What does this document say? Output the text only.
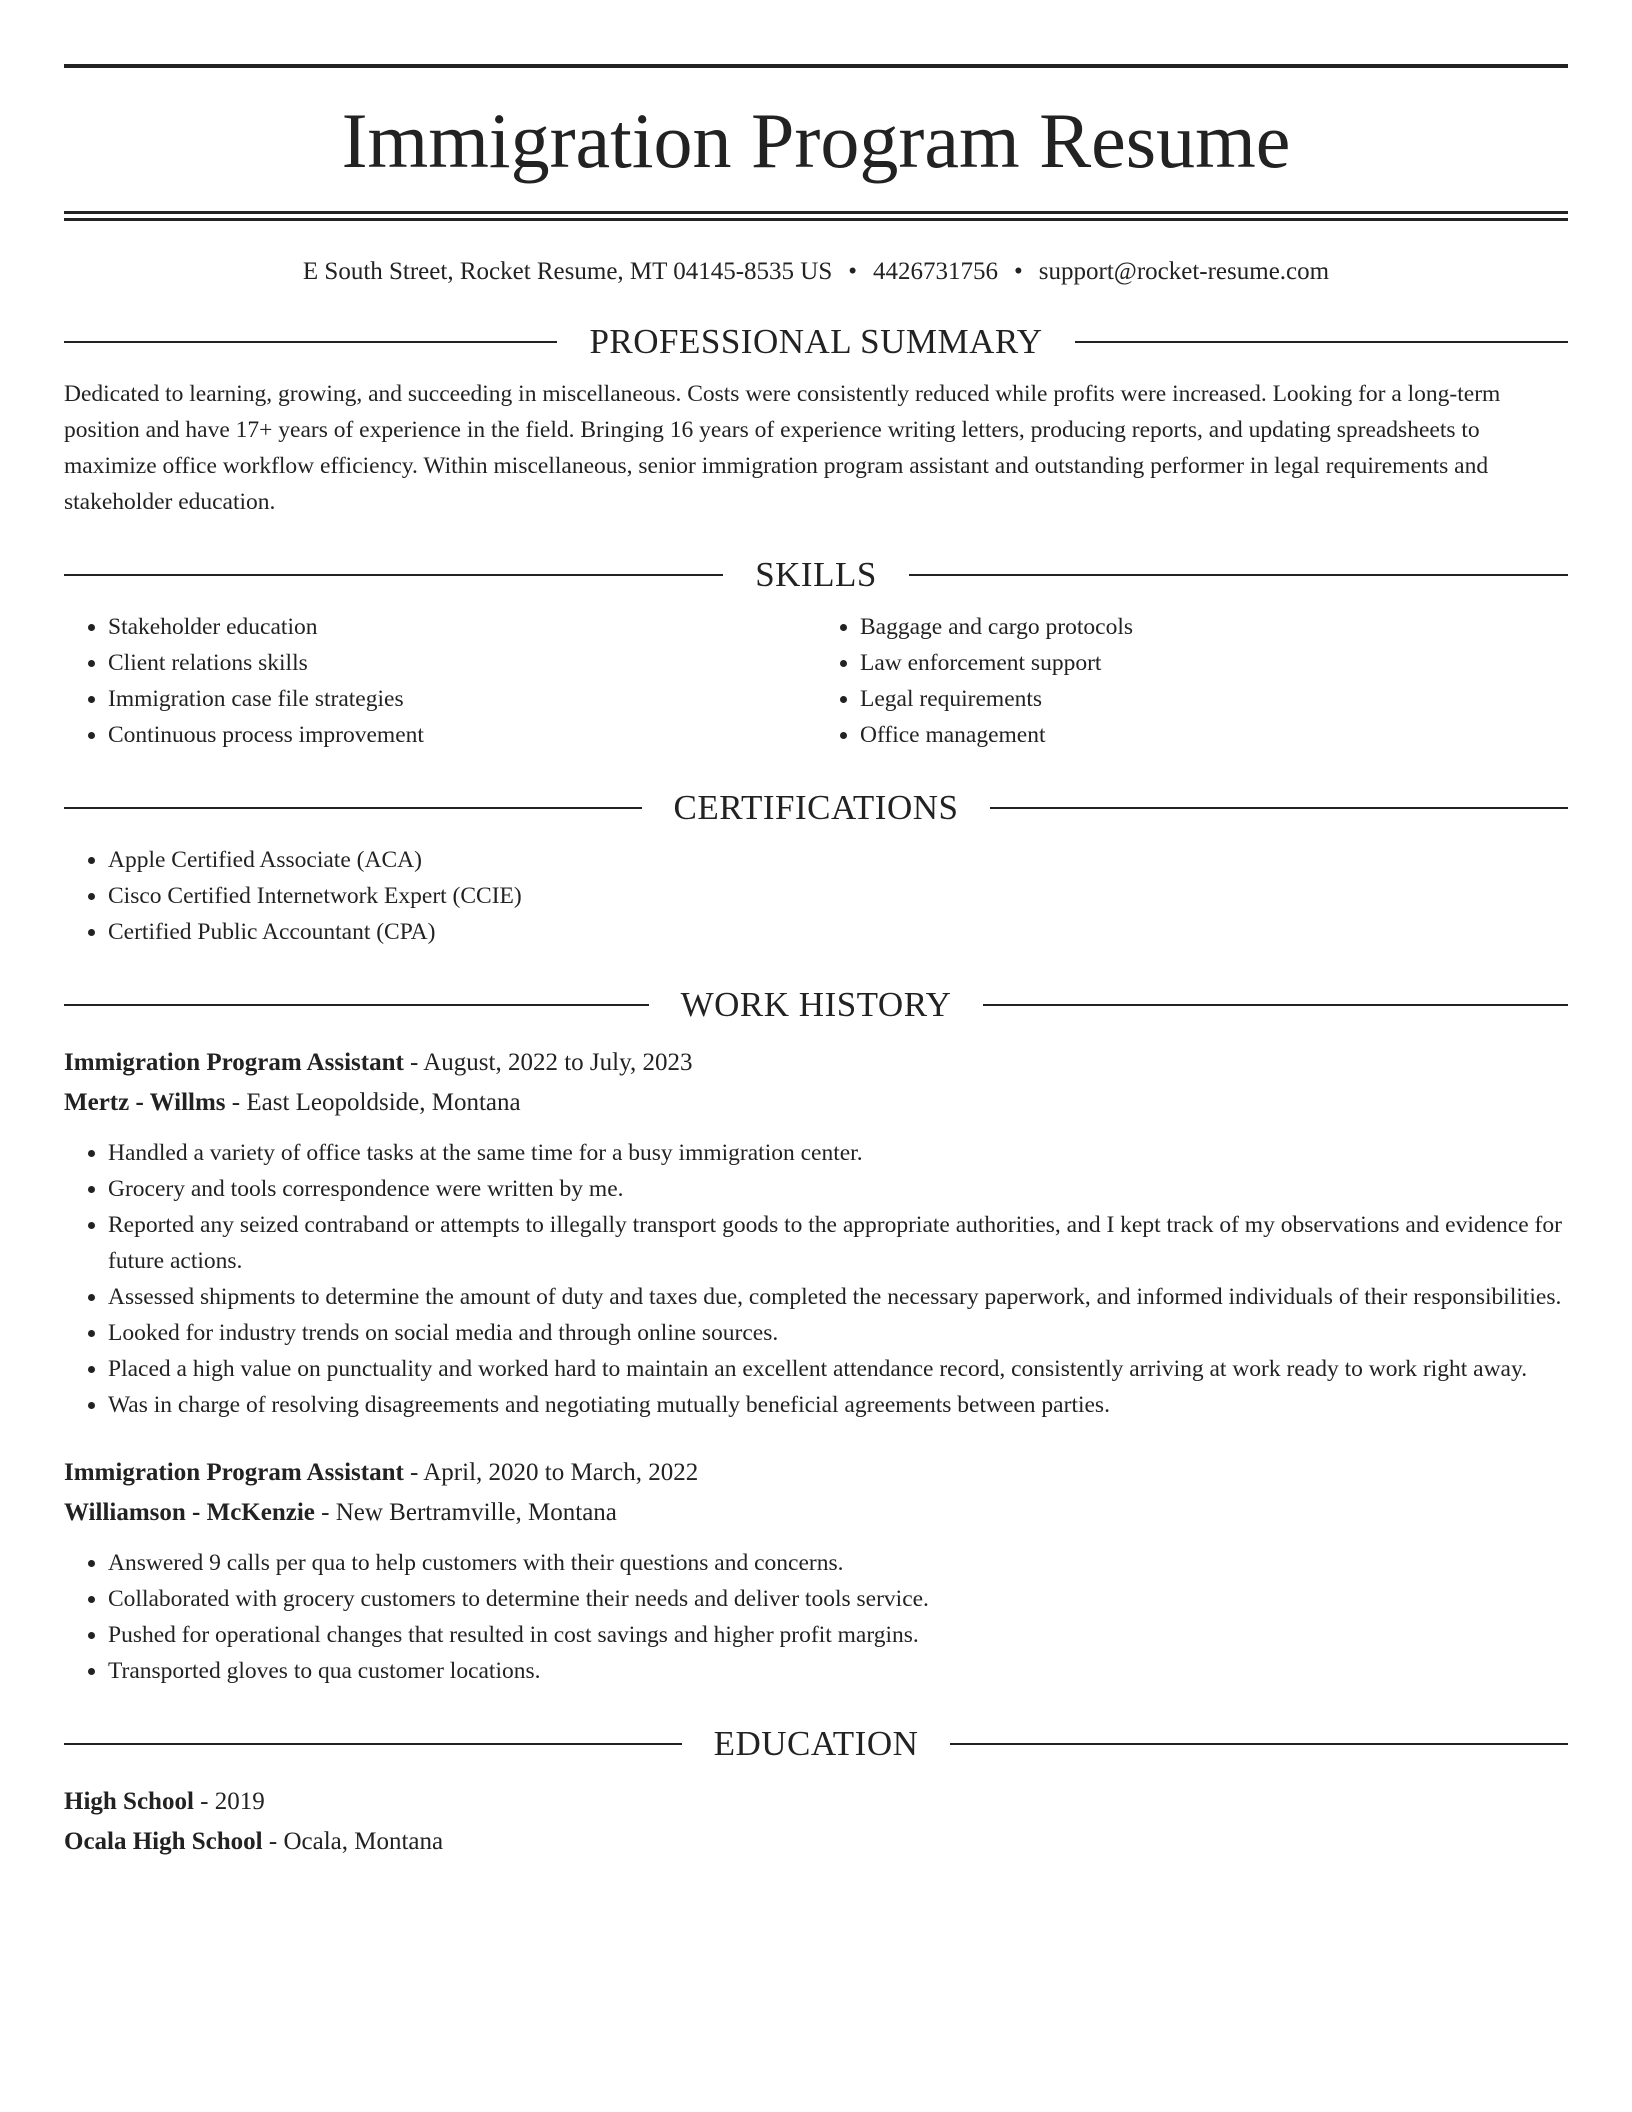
Immigration Program Resume
E South Street, Rocket Resume, MT 04145-8535 US • 4426731756 • support@rocket-resume.com
PROFESSIONAL SUMMARY
Dedicated to learning, growing, and succeeding in miscellaneous. Costs were consistently reduced while profits were increased. Looking for a long-term position and have 17+ years of experience in the field. Bringing 16 years of experience writing letters, producing reports, and updating spreadsheets to maximize office workflow efficiency. Within miscellaneous, senior immigration program assistant and outstanding performer in legal requirements and stakeholder education.
SKILLS
• Stakeholder education
• Client relations skills
• Immigration case file strategies
• Continuous process improvement
• Baggage and cargo protocols
• Law enforcement support
• Legal requirements
• Office management
CERTIFICATIONS
• Apple Certified Associate (ACA)
• Cisco Certified Internetwork Expert (CCIE)
• Certified Public Accountant (CPA)
WORK HISTORY
Immigration Program Assistant - August, 2022 to July, 2023
Mertz - Willms - East Leopoldside, Montana
• Handled a variety of office tasks at the same time for a busy immigration center.
• Grocery and tools correspondence were written by me.
• Reported any seized contraband or attempts to illegally transport goods to the appropriate authorities, and I kept track of my observations and evidence for future actions.
• Assessed shipments to determine the amount of duty and taxes due, completed the necessary paperwork, and informed individuals of their responsibilities.
• Looked for industry trends on social media and through online sources.
• Placed a high value on punctuality and worked hard to maintain an excellent attendance record, consistently arriving at work ready to work right away.
• Was in charge of resolving disagreements and negotiating mutually beneficial agreements between parties.
Immigration Program Assistant - April, 2020 to March, 2022
Williamson - McKenzie - New Bertramville, Montana
• Answered 9 calls per qua to help customers with their questions and concerns.
• Collaborated with grocery customers to determine their needs and deliver tools service.
• Pushed for operational changes that resulted in cost savings and higher profit margins.
• Transported gloves to qua customer locations.
EDUCATION
High School - 2019
Ocala High School - Ocala, Montana
